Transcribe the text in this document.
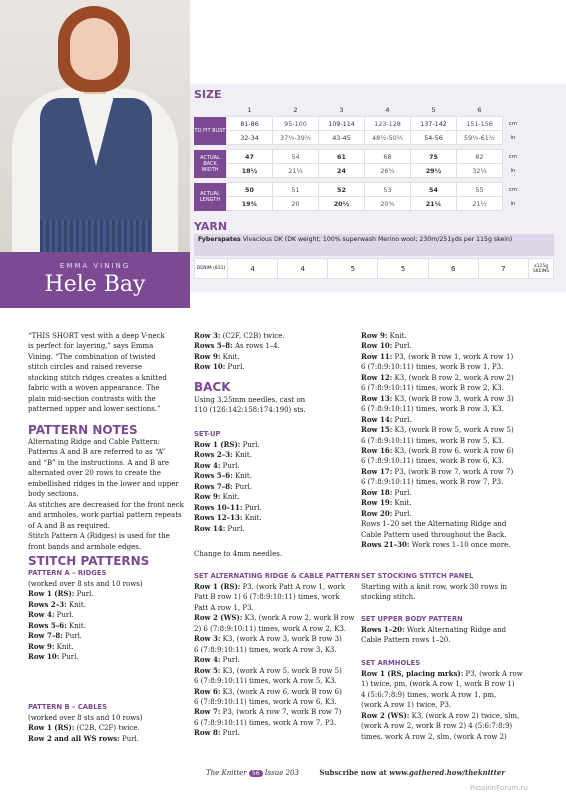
EMMA VINING
Hele Bay
SIZE
	1	2	3	4	5	6	
TO FIT BUST	81-86	95-100	109-114	123-128	137-142	151-156	cm
	32-34	37½-39½	43-45	48½-50½	54-56	59½-61½	in

ACTUAL BACK WIDTH	47	54	61	68	75	82	cm
	18½	21¼	24	26¾	29½	32¼	in

ACTUAL LENGTH	50	51	52	53	54	55	cm
	19¾	20	20½	20¾	21¼	21½	in
YARN
Fyberspates Vivacious DK (DK weight; 100% superwash Merino wool; 230m/251yds per 115g skein)
DENIM (831)	4	4	5	5	6	7	x115g SKEINS
“THIS SHORT vest with a deep V-neck
is perfect for layering,” says Emma
Vining. “The combination of twisted
stitch circles and raised reverse
stocking stitch ridges creates a knitted
fabric with a woven appearance. The
plain mid-section contrasts with the
patterned upper and lower sections.”
PATTERN NOTES
Alternating Ridge and Cable Pattern:
Patterns A and B are referred to as “A”
and “B” in the instructions. A and B are
alternated over 20 rows to create the
embellished ridges in the lower and upper
body sections.
As stitches are decreased for the front neck
and armholes, work partial pattern repeats
of A and B as required.
Stitch Pattern A (Ridges) is used for the
front bands and armhole edges.
STITCH PATTERNS
PATTERN A – RIDGES
(worked over 8 sts and 10 rows)
Row 1 (RS): Purl.
Rows 2–3: Knit.
Row 4: Purl.
Rows 5–6: Knit.
Row 7–8: Purl.
Row 9: Knit.
Row 10: Purl.
PATTERN B – CABLES
(worked over 8 sts and 10 rows)
Row 1 (RS): (C2B, C2F) twice.
Row 2 and all WS rows: Purl.
Row 3: (C2F, C2B) twice.
Rows 5–8: As rows 1–4.
Row 9: Knit.
Row 10: Purl.
BACK
Using 3.25mm needles, cast on
110 (126:142:158:174:190) sts.
SET-UP
Row 1 (RS): Purl.
Rows 2–3: Knit.
Row 4: Purl.
Rows 5–6: Knit.
Rows 7–8: Purl.
Row 9: Knit.
Rows 10–11: Purl.
Rows 12–13: Knit.
Row 14: Purl.
Change to 4mm needles.
SET ALTERNATING RIDGE & CABLE PATTERN
Row 1 (RS): P3, (work Patt A row 1, work
Patt B row 1) 6 (7:8:9:10:11) times, work
Patt A row 1, P3.
Row 2 (WS): K3, (work A row 2, work B row
2) 6 (7:8:9:10:11) times, work A row 2, K3.
Row 3: K3, (work A row 3, work B row 3)
6 (7:8:9:10:11) times, work A row 3, K3.
Row 4: Purl.
Row 5: K3, (work A row 5, work B row 5)
6 (7:8:9:10:11) times, work A row 5, K3.
Row 6: K3, (work A row 6, work B row 6)
6 (7:8:9:10:11) times, work A row 6, K3.
Row 7: P3, (work A row 7, work B row 7)
6 (7:8:9:10:11) times, work A row 7, P3.
Row 8: Purl.
Row 9: Knit.
Row 10: Purl.
Row 11: P3, (work B row 1, work A row 1)
6 (7:8:9:10:11) times, work B row 1, P3.
Row 12: K3, (work B row 2, work A row 2)
6 (7:8:9:10:11) times, work B row 2, K3.
Row 13: K3, (work B row 3, work A row 3)
6 (7:8:9:10:11) times, work B row 3, K3.
Row 14: Purl.
Row 15: K3, (work B row 5, work A row 5)
6 (7:8:9:10:11) times, work B row 5, K3.
Row 16: K3, (work B row 6, work A row 6)
6 (7:8:9:10:11) times, work B row 6, K3.
Row 17: P3, (work B row 7, work A row 7)
6 (7:8:9:10:11) times, work B row 7, P3.
Row 18: Purl.
Row 19: Knit.
Row 20: Purl.
Rows 1–20 set the Alternating Ridge and
Cable Pattern used throughout the Back.
Rows 21–30: Work rows 1–10 once more.
SET STOCKING STITCH PANEL
Starting with a knit row, work 30 rows in
stocking stitch.
SET UPPER BODY PATTERN
Rows 1–20: Work Alternating Ridge and
Cable Pattern rows 1–20.
SET ARMHOLES
Row 1 (RS, placing mrks): P3, (work A row
1) twice, pm, (work A row 1, work B row 1)
4 (5:6:7:8:9) times, work A row 1, pm,
(work A row 1) twice, P3.
Row 2 (WS): K3, (work A row 2) twice, slm,
(work A row 2, work B row 2) 4 (5:6:7:8:9)
times, work A row 2, slm, (work A row 2)
The Knitter 56 Issue 203	Subscribe now at www.gathered.how/theknitter
PassionForum.ru
